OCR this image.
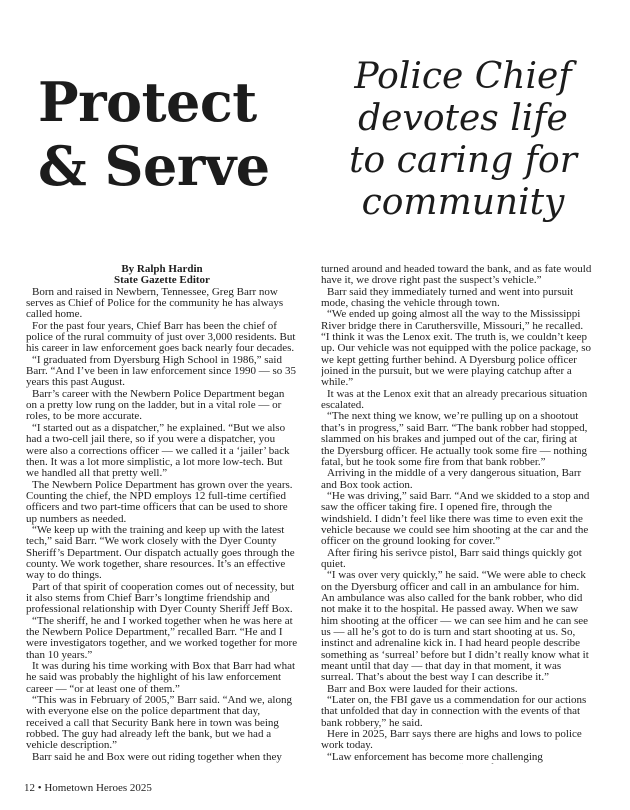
Protect
& Serve
Police Chief
devotes life
to caring for
community
By Ralph Hardin
State Gazette Editor

Born and raised in Newbern, Tennessee, Greg Barr now serves as Chief of Police for the community he has always called home.

For the past four years, Chief Barr has been the chief of police of the rural commuity of just over 3,000 residents. But his career in law enforcement goes back nearly four decades.

“I graduated from Dyersburg High School in 1986,” said Barr. “And I’ve been in law enforcement since 1990 — so 35 years this past August.

Barr’s career with the Newbern Police Department began on a pretty low rung on the ladder, but in a vital role — or roles, to be more accurate.

“I started out as a dispatcher,” he explained. “But we also had a two-cell jail there, so if you were a dispatcher, you were also a corrections officer — we called it a ‘jailer’ back then. It was a lot more simplistic, a lot more low-tech. But we handled all that pretty well.”

The Newbern Police Department has grown over the years. Counting the chief, the NPD employs 12 full-time certified officers and two part-time officers that can be used to shore up numbers as needed.

“We keep up with the training and keep up with the latest tech,” said Barr. “We work closely with the Dyer County Sheriff’s Department. Our dispatch actually goes through the county. We work together, share resources. It’s an effective way to do things.

Part of that spirit of cooperation comes out of necessity, but it also stems from Chief Barr’s longtime friendship and professional relationship with Dyer County Sheriff Jeff Box.

“The sheriff, he and I worked together when he was here at the Newbern Police Department,” recalled Barr. “He and I were investigators together, and we worked together for more than 10 years.”

It was during his time working with Box that Barr had what he said was probably the highlight of his law enforcement career — “or at least one of them.”

“This was in February of 2005,” Barr said. “And we, along with everyone else on the police department that day, received a call that Security Bank here in town was being robbed. The guy had already left the bank, but we had a vehicle description.”

Barr said he and Box were out riding together when they

turned around and headed toward the bank, and as fate would have it, we drove right past the suspect’s vehicle.”

Barr said they immediately turned and went into pursuit mode, chasing the vehicle through town.

“We ended up going almost all the way to the Mississippi River bridge there in Caruthersville, Missouri,” he recalled. “I think it was the Lenox exit. The truth is, we couldn’t keep up. Our vehicle was not equipped with the police package, so we kept getting further behind. A Dyersburg police officer joined in the pursuit, but we were playing catchup after a while.”

It was at the Lenox exit that an already precarious situation escalated.

“The next thing we know, we’re pulling up on a shootout that’s in progress,” said Barr. “The bank robber had stopped, slammed on his brakes and jumped out of the car, firing at the Dyersburg officer. He actually took some fire — nothing fatal, but he took some fire from that bank robber.”

Arriving in the middle of a very dangerous situation, Barr and Box took action.

“He was driving,” said Barr. “And we skidded to a stop and saw the officer taking fire. I opened fire, through the windshield. I didn’t feel like there was time to even exit the vehicle because we could see him shooting at the car and the officer on the ground looking for cover.”

After firing his serivce pistol, Barr said things quickly got quiet.

“I was over very quickly,” he said. “We were able to check on the Dyersburg officer and call in an ambulance for him. An ambulance was also called for the bank robber, who did not make it to the hospital. He passed away. When we saw him shooting at the officer — we can see him and he can see us — all he’s got to do is turn and start shooting at us. So, instinct and adrenaline kick in. I had heard people describe something as ‘surreal’ before but I didn’t really know what it meant until that day — that day in that moment, it was surreal. That’s about the best way I can describe it.”

Barr and Box were lauded for their actions.

“Later on, the FBI gave us a commendation for our actions that unfolded that day in connection with the events of that bank robbery,” he said.

Here in 2025, Barr says there are highs and lows to police work today.

“Law enforcement has become more challenging

12 • Hometown Heroes 2025
